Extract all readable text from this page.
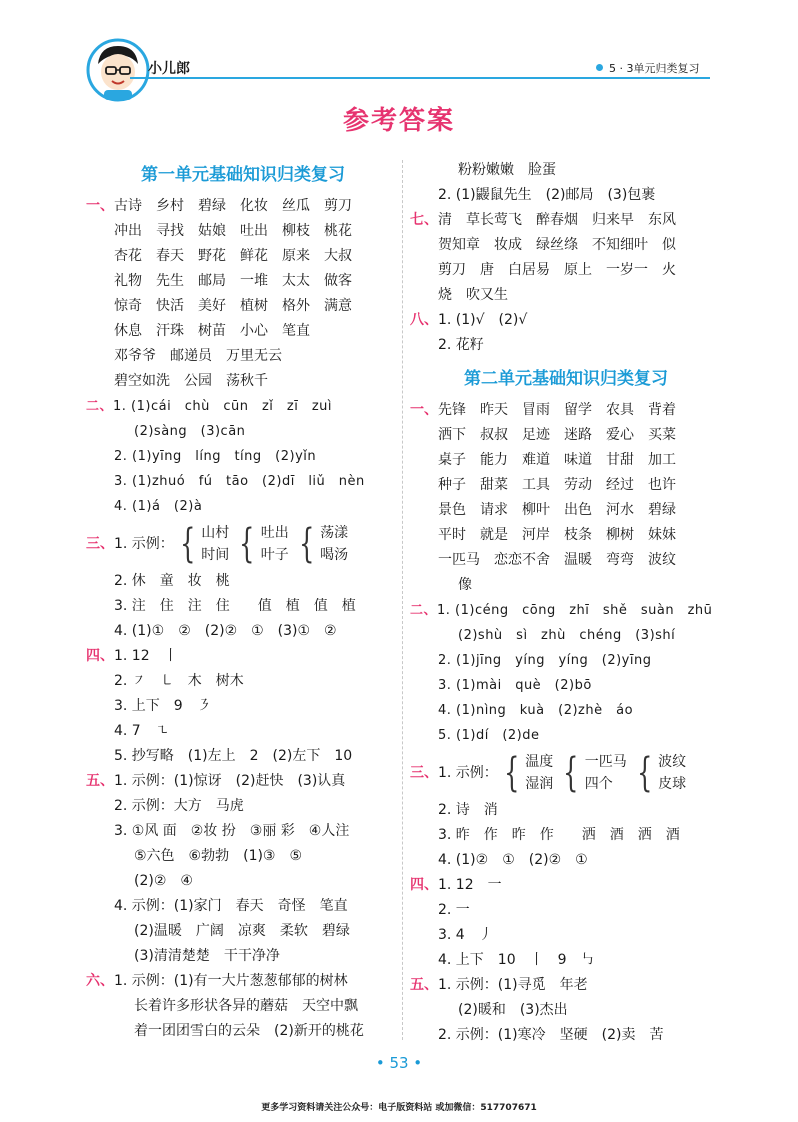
小儿郎	5 · 3单元归类复习
参考答案
第一单元基础知识归类复习
一、古诗　乡村　碧绿　化妆　丝瓜　剪刀
冲出　寻找　姑娘　吐出　柳枝　桃花
杏花　春天　野花　鲜花　原来　大叔
礼物　先生　邮局　一堆　太太　做客
惊奇　快活　美好　植树　格外　满意
休息　汗珠　树苗　小心　笔直
邓爷爷　邮递员　万里无云
碧空如洗　公园　荡秋千
二、1. (1)cái　chù　cūn　zǐ　zī　zuì
(2)sàng　(3)cān
2. (1)yīng　líng　tíng　(2)yǐn
3. (1)zhuó　fú　tāo　(2)dī　liǔ　nèn
4. (1)á　(2)à
三、 1. 示例： { 山村
时间 { 吐出
叶子 { 荡漾
喝汤
2. 休　童　妆　桃
3. 注　住　注　住　　值　植　值　植
4. (1)①　②　(2)②　①　(3)①　②
四、1. 12　丨
2. ㇇　㇄　木　树木
3. 上下　9　㇋
4. 7　㇍
5. 抄写略　(1)左上　2　(2)左下　10
五、1. 示例：(1)惊讶　(2)赶快　(3)认真
2. 示例：大方　马虎
3. ①风 面　②妆 扮　③丽 彩　④人注
⑤六色　⑥勃勃　(1)③　⑤
(2)②　④
4. 示例：(1)家门　春天　奇怪　笔直
(2)温暖　广阔　凉爽　柔软　碧绿
(3)清清楚楚　干干净净
六、1. 示例：(1)有一大片葱葱郁郁的树林
长着许多形状各异的蘑菇　天空中飘
着一团团雪白的云朵　(2)新开的桃花
粉粉嫩嫩　脸蛋
2. (1)鼹鼠先生　(2)邮局　(3)包裹
七、清　草长莺飞　醉春烟　归来早　东风
贺知章　妆成　绿丝绦　不知细叶　似
剪刀　唐　白居易　原上　一岁一　火
烧　吹又生
八、1. (1)√　(2)√
2. 花籽
第二单元基础知识归类复习
一、先锋　昨天　冒雨　留学　农具　背着
洒下　叔叔　足迹　迷路　爱心　买菜
桌子　能力　难道　味道　甘甜　加工
种子　甜菜　工具　劳动　经过　也许
景色　请求　柳叶　出色　河水　碧绿
平时　就是　河岸　枝条　柳树　妹妹
一匹马　恋恋不舍　温暖　弯弯　波纹
像
二、1. (1)céng　cōng　zhī　shě　suàn　zhū
(2)shù　sì　zhù　chéng　(3)shí
2. (1)jīng　yíng　yíng　(2)yīng
3. (1)mài　què　(2)bō
4. (1)nìng　kuà　(2)zhè　áo
5. (1)dí　(2)de
三、 1. 示例： { 温度
湿润 { 一匹马
四个 { 波纹
皮球
2. 诗　消
3. 昨　作　昨　作　　洒　酒　洒　酒
4. (1)②　①　(2)②　①
四、1. 12　一
2. 一
3. 4　丿
4. 上下　10　丨　9　㇉
五、1. 示例：(1)寻觅　年老
(2)暖和　(3)杰出
2. 示例：(1)寒冷　坚硬　(2)卖　苦
• 53 •
更多学习资料请关注公众号：电子版资料站 或加微信：517707671
